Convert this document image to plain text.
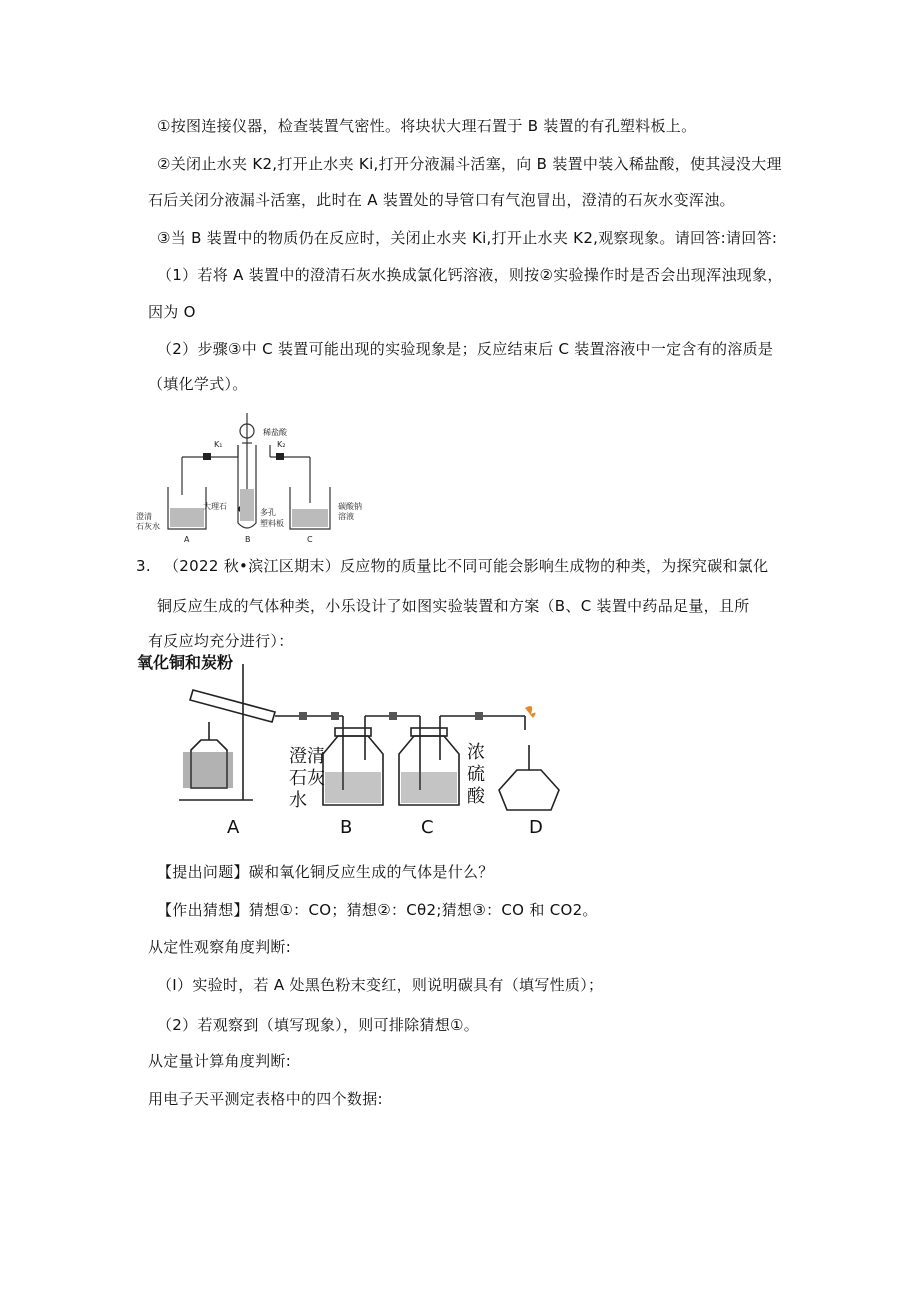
①按图连接仪器，检查装置气密性。将块状大理石置于 B 装置的有孔塑料板上。
②关闭止水夹 K2,打开止水夹 Ki,打开分液漏斗活塞，向 B 装置中装入稀盐酸，使其浸没大理
石后关闭分液漏斗活塞，此时在 A 装置处的导管口有气泡冒出，澄清的石灰水变浑浊。
③当 B 装置中的物质仍在反应时，关闭止水夹 Ki,打开止水夹 K2,观察现象。请回答:请回答:
（1）若将 A 装置中的澄清石灰水换成氯化钙溶液，则按②实验操作时是否会出现浑浊现象，
因为 O
（2）步骤③中 C 装置可能出现的实验现象是；反应结束后 C 装置溶液中一定含有的溶质是
（填化学式）。
稀盐酸
K₁	K₂
大理石
多孔
塑料板
澄清
石灰水
碳酸钠
溶液
A	B	C
3. （2022 秋•滨江区期末）反应物的质量比不同可能会影响生成物的种类，为探究碳和氯化
铜反应生成的气体种类，小乐设计了如图实验装置和方案（B、C 装置中药品足量，且所
有反应均充分进行）：
氧化铜和炭粉
澄清
石灰
水
浓
硫
酸
A	B	C	D
【提出问题】碳和氧化铜反应生成的气体是什么？
【作出猜想】猜想①：CO；猜想②：Cθ2;猜想③：CO 和 CO2。
从定性观察角度判断:
（I）实验时，若 A 处黑色粉末变红，则说明碳具有（填写性质）；
（2）若观察到（填写现象），则可排除猜想①。
从定量计算角度判断:
用电子天平测定表格中的四个数据:
